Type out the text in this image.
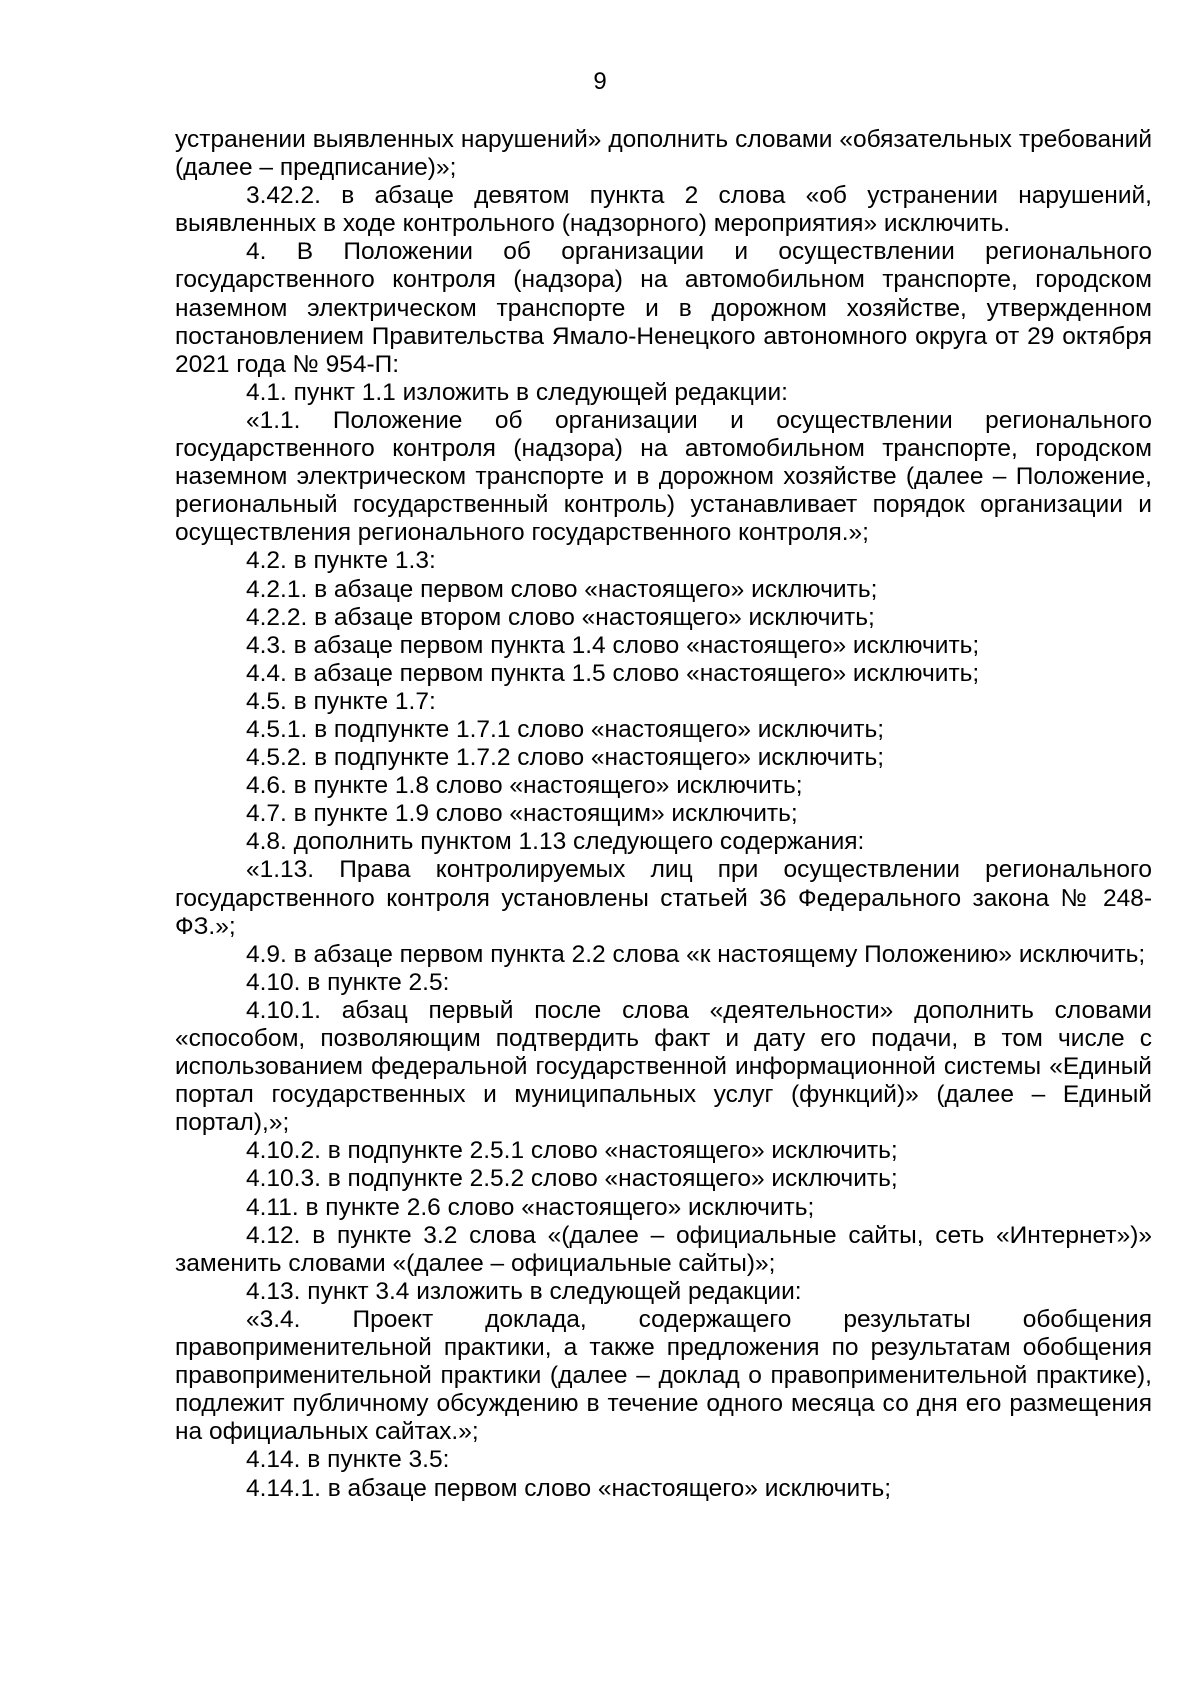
9

устранении выявленных нарушений» дополнить словами «обязательных требований (далее – предписание)»;

3.42.2. в абзаце девятом пункта 2 слова «об устранении нарушений, выявленных в ходе контрольного (надзорного) мероприятия» исключить.

4. В Положении об организации и осуществлении регионального государственного контроля (надзора) на автомобильном транспорте, городском наземном электрическом транспорте и в дорожном хозяйстве, утвержденном постановлением Правительства Ямало-Ненецкого автономного округа от 29 октября 2021 года № 954-П:

4.1. пункт 1.1 изложить в следующей редакции:

«1.1. Положение об организации и осуществлении регионального государственного контроля (надзора) на автомобильном транспорте, городском наземном электрическом транспорте и в дорожном хозяйстве (далее – Положение, региональный государственный контроль) устанавливает порядок организации и осуществления регионального государственного контроля.»;

4.2. в пункте 1.3:

4.2.1. в абзаце первом слово «настоящего» исключить;

4.2.2. в абзаце втором слово «настоящего» исключить;

4.3. в абзаце первом пункта 1.4 слово «настоящего» исключить;

4.4. в абзаце первом пункта 1.5 слово «настоящего» исключить;

4.5. в пункте 1.7:

4.5.1. в подпункте 1.7.1 слово «настоящего» исключить;

4.5.2. в подпункте 1.7.2 слово «настоящего» исключить;

4.6. в пункте 1.8 слово «настоящего» исключить;

4.7. в пункте 1.9 слово «настоящим» исключить;

4.8. дополнить пунктом 1.13 следующего содержания:

«1.13. Права контролируемых лиц при осуществлении регионального государственного контроля установлены статьей 36 Федерального закона № 248-ФЗ.»;

4.9. в абзаце первом пункта 2.2 слова «к настоящему Положению» исключить;

4.10. в пункте 2.5:

4.10.1. абзац первый после слова «деятельности» дополнить словами «способом, позволяющим подтвердить факт и дату его подачи, в том числе с использованием федеральной государственной информационной системы «Единый портал государственных и муниципальных услуг (функций)» (далее – Единый портал),»;

4.10.2. в подпункте 2.5.1 слово «настоящего» исключить;

4.10.3. в подпункте 2.5.2 слово «настоящего» исключить;

4.11. в пункте 2.6 слово «настоящего» исключить;

4.12. в пункте 3.2 слова «(далее – официальные сайты, сеть «Интернет»)» заменить словами «(далее – официальные сайты)»;

4.13. пункт 3.4 изложить в следующей редакции:

«3.4. Проект доклада, содержащего результаты обобщения правоприменительной практики, а также предложения по результатам обобщения правоприменительной практики (далее – доклад о правоприменительной практике), подлежит публичному обсуждению в течение одного месяца со дня его размещения на официальных сайтах.»;

4.14. в пункте 3.5:

4.14.1. в абзаце первом слово «настоящего» исключить;
